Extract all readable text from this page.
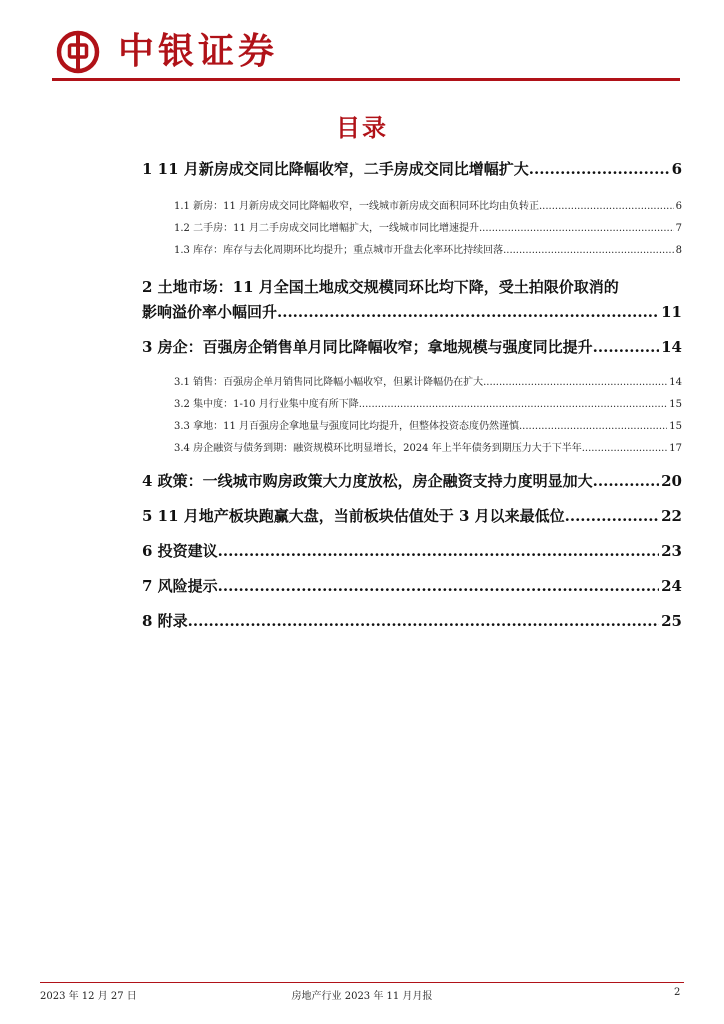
中银证券
目录
1 11 月新房成交同比降幅收窄，二手房成交同比增幅扩大 .....	6
1.1 新房：11 月新房成交同比降幅收窄，一线城市新房成交面积同环比均由负转正 .....	6
1.2 二手房：11 月二手房成交同比增幅扩大，一线城市同比增速提升 .....	7
1.3 库存：库存与去化周期环比均提升；重点城市开盘去化率环比持续回落 .....	8
2 土地市场：11 月全国土地成交规模同环比均下降，受土拍限价取消的
影响溢价率小幅回升 .....	11
3 房企：百强房企销售单月同比降幅收窄；拿地规模与强度同比提升 .....	14
3.1 销售：百强房企单月销售同比降幅小幅收窄，但累计降幅仍在扩大 .....	14
3.2 集中度：1-10 月行业集中度有所下降 .....	15
3.3 拿地：11 月百强房企拿地量与强度同比均提升，但整体投资态度仍然谨慎 .....	15
3.4 房企融资与债务到期：融资规模环比明显增长，2024 年上半年债务到期压力大于下半年 .....	17
4 政策：一线城市购房政策大力度放松，房企融资支持力度明显加大 .....	20
5 11 月地产板块跑赢大盘，当前板块估值处于 3 月以来最低位 .....	22
6 投资建议 .....	23
7 风险提示 .....	24
8 附录 .....	25
2023 年 12 月 27 日	房地产行业 2023 年 11 月月报	2
